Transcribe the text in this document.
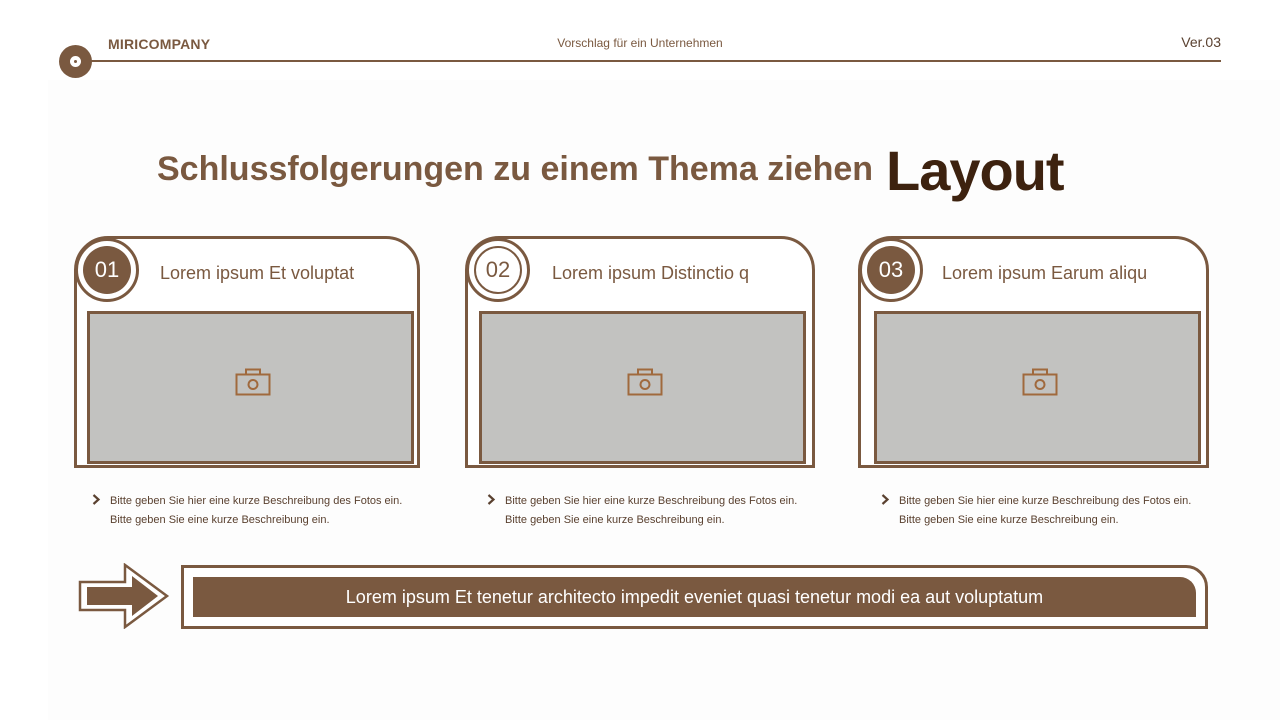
MIRICOMPANY	Vorschlag für ein Unternehmen	Ver.03
Schlussfolgerungen zu einem Thema ziehen Layout
01	Lorem ipsum Et voluptat	02	Lorem ipsum Distinctio q	03	Lorem ipsum Earum aliqu
Bitte geben Sie hier eine kurze Beschreibung des Fotos ein. Bitte geben Sie eine kurze Beschreibung ein.
Bitte geben Sie hier eine kurze Beschreibung des Fotos ein. Bitte geben Sie eine kurze Beschreibung ein.
Bitte geben Sie hier eine kurze Beschreibung des Fotos ein. Bitte geben Sie eine kurze Beschreibung ein.
Lorem ipsum Et tenetur architecto impedit eveniet quasi tenetur modi ea aut voluptatum
